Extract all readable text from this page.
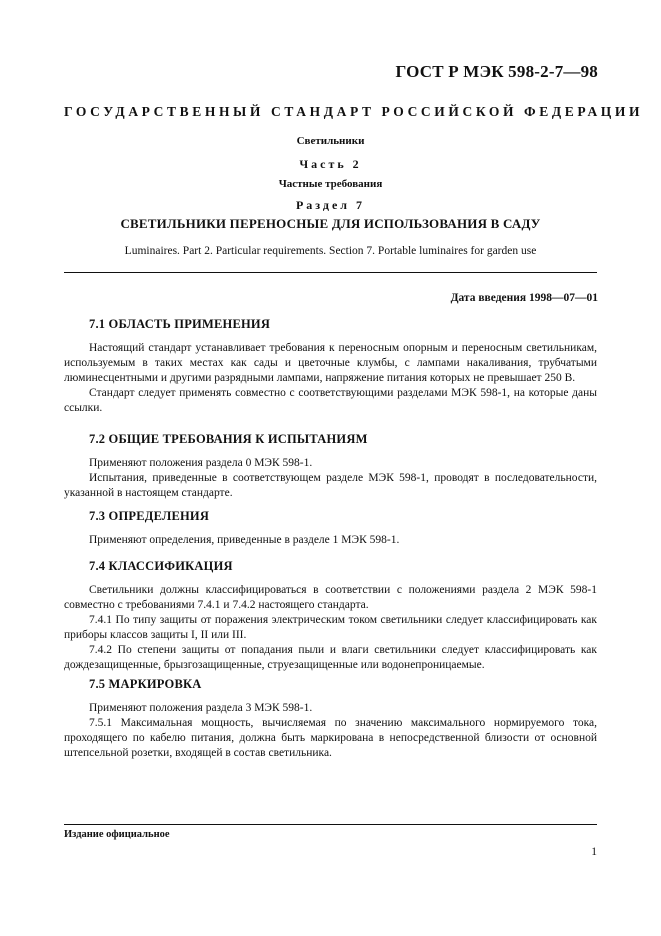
ГОСТ Р МЭК 598-2-7—98
ГОСУДАРСТВЕННЫЙ СТАНДАРТ РОССИЙСКОЙ ФЕДЕРАЦИИ
Светильники
Часть 2
Частные требования
Раздел 7
СВЕТИЛЬНИКИ ПЕРЕНОСНЫЕ ДЛЯ ИСПОЛЬЗОВАНИЯ В САДУ
Luminaires. Part 2. Particular requirements. Section 7. Portable luminaires for garden use
Дата введения 1998—07—01

7.1 ОБЛАСТЬ ПРИМЕНЕНИЯ

Настоящий стандарт устанавливает требования к переносным опорным и переносным светильникам, используемым в таких местах как сады и цветочные клумбы, с лампами накаливания, трубчатыми люминесцентными и другими разрядными лампами, напряжение питания которых не превышает 250 В.

Стандарт следует применять совместно с соответствующими разделами МЭК 598-1, на которые даны ссылки.

7.2 ОБЩИЕ ТРЕБОВАНИЯ К ИСПЫТАНИЯМ

Применяют положения раздела 0 МЭК 598-1.

Испытания, приведенные в соответствующем разделе МЭК 598-1, проводят в последовательности, указанной в настоящем стандарте.

7.3 ОПРЕДЕЛЕНИЯ

Применяют определения, приведенные в разделе 1 МЭК 598-1.

7.4 КЛАССИФИКАЦИЯ

Светильники должны классифицироваться в соответствии с положениями раздела 2 МЭК 598-1 совместно с требованиями 7.4.1 и 7.4.2 настоящего стандарта.

7.4.1 По типу защиты от поражения электрическим током светильники следует классифицировать как приборы классов защиты I, II или III.

7.4.2 По степени защиты от попадания пыли и влаги светильники следует классифицировать как дождезащищенные, брызгозащищенные, струезащищенные или водонепроницаемые.

7.5 МАРКИРОВКА

Применяют положения раздела 3 МЭК 598-1.

7.5.1 Максимальная мощность, вычисляемая по значению максимального нормируемого тока, проходящего по кабелю питания, должна быть маркирована в непосредственной близости от основной штепсельной розетки, входящей в состав светильника.

Издание официальное
1
